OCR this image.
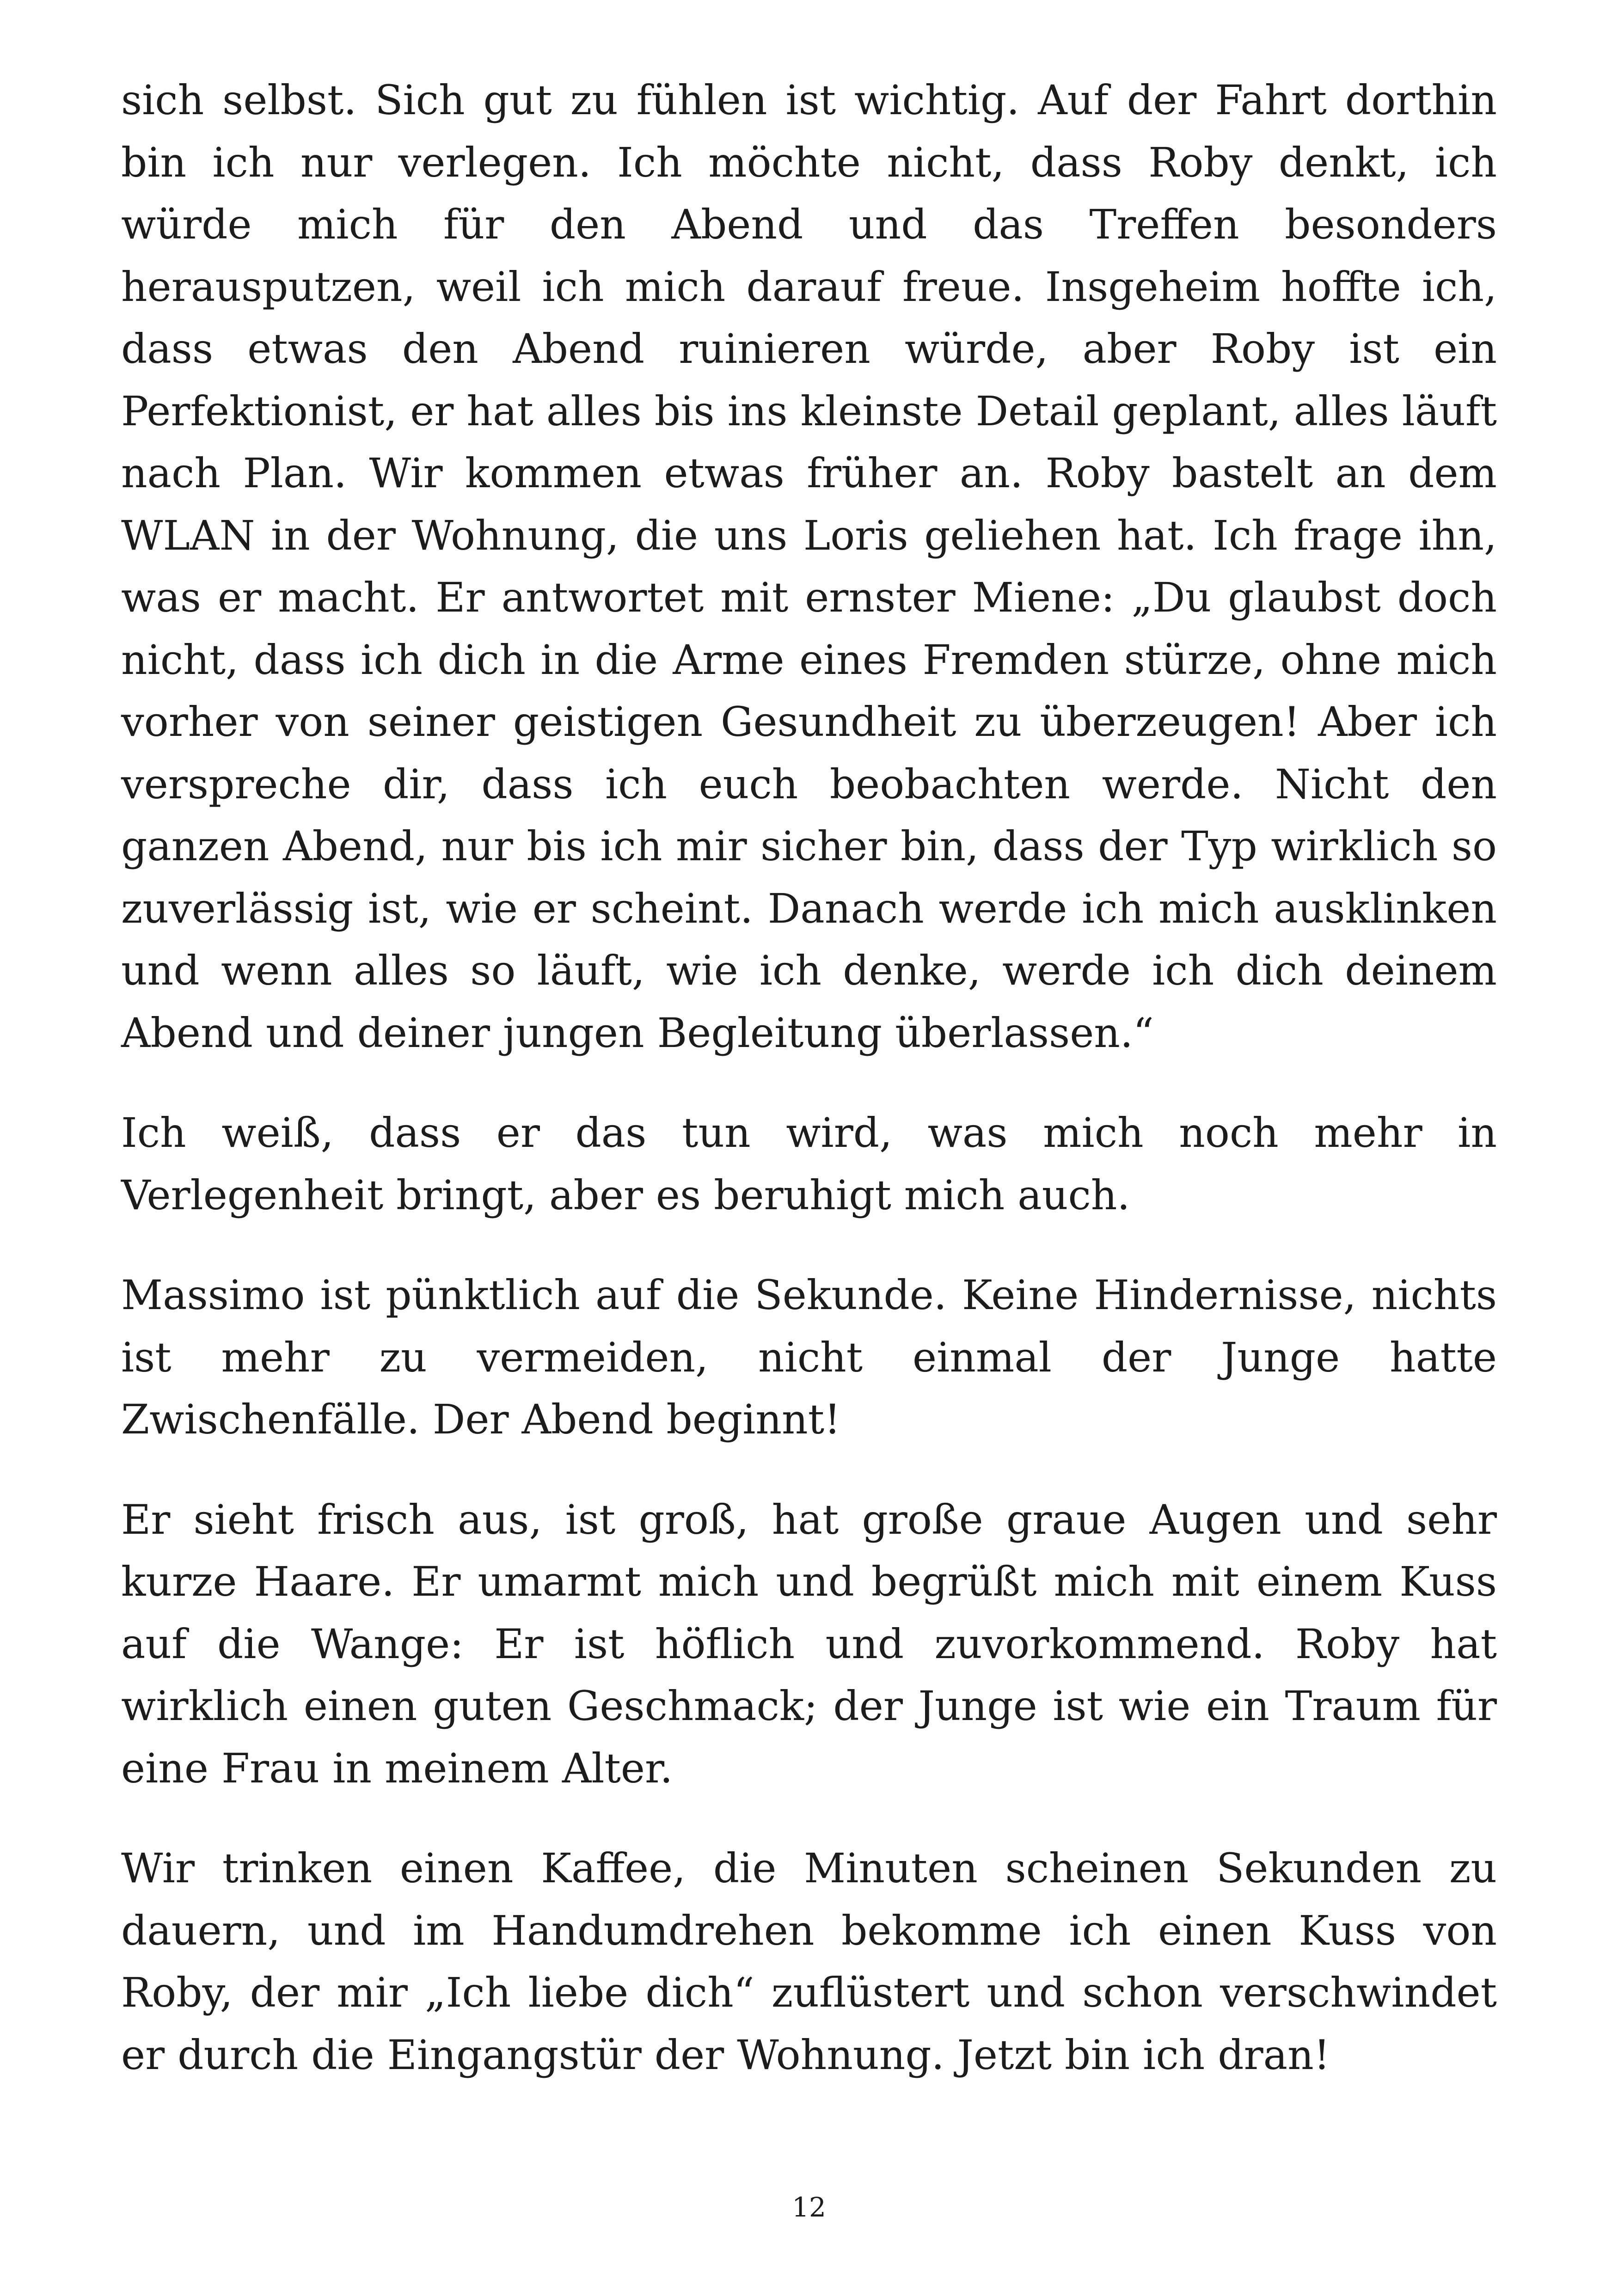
sich selbst. Sich gut zu fühlen ist wichtig. Auf der Fahrt dorthin bin ich nur verlegen. Ich möchte nicht, dass Roby denkt, ich würde mich für den Abend und das Treffen besonders herausputzen, weil ich mich darauf freue. Insgeheim hoffte ich, dass etwas den Abend ruinieren würde, aber Roby ist ein Perfektionist, er hat alles bis ins kleinste Detail geplant, alles läuft nach Plan. Wir kommen etwas früher an. Roby bastelt an dem WLAN in der Wohnung, die uns Loris geliehen hat. Ich frage ihn, was er macht. Er antwortet mit ernster Miene: „Du glaubst doch nicht, dass ich dich in die Arme eines Fremden stürze, ohne mich vorher von seiner geistigen Gesundheit zu überzeugen! Aber ich verspreche dir, dass ich euch beobachten werde. Nicht den ganzen Abend, nur bis ich mir sicher bin, dass der Typ wirklich so zuverlässig ist, wie er scheint. Danach werde ich mich ausklinken und wenn alles so läuft, wie ich denke, werde ich dich deinem Abend und deiner jungen Begleitung überlassen.“

Ich weiß, dass er das tun wird, was mich noch mehr in Verlegenheit bringt, aber es beruhigt mich auch.

Massimo ist pünktlich auf die Sekunde. Keine Hindernisse, nichts ist mehr zu vermeiden, nicht einmal der Junge hatte Zwischenfälle. Der Abend beginnt!

Er sieht frisch aus, ist groß, hat große graue Augen und sehr kurze Haare. Er umarmt mich und begrüßt mich mit einem Kuss auf die Wange: Er ist höflich und zuvorkommend. Roby hat wirklich einen guten Geschmack; der Junge ist wie ein Traum für eine Frau in meinem Alter.

Wir trinken einen Kaffee, die Minuten scheinen Sekunden zu dauern, und im Handumdrehen bekomme ich einen Kuss von Roby, der mir „Ich liebe dich“ zuflüstert und schon verschwindet er durch die Eingangstür der Wohnung. Jetzt bin ich dran!

12
